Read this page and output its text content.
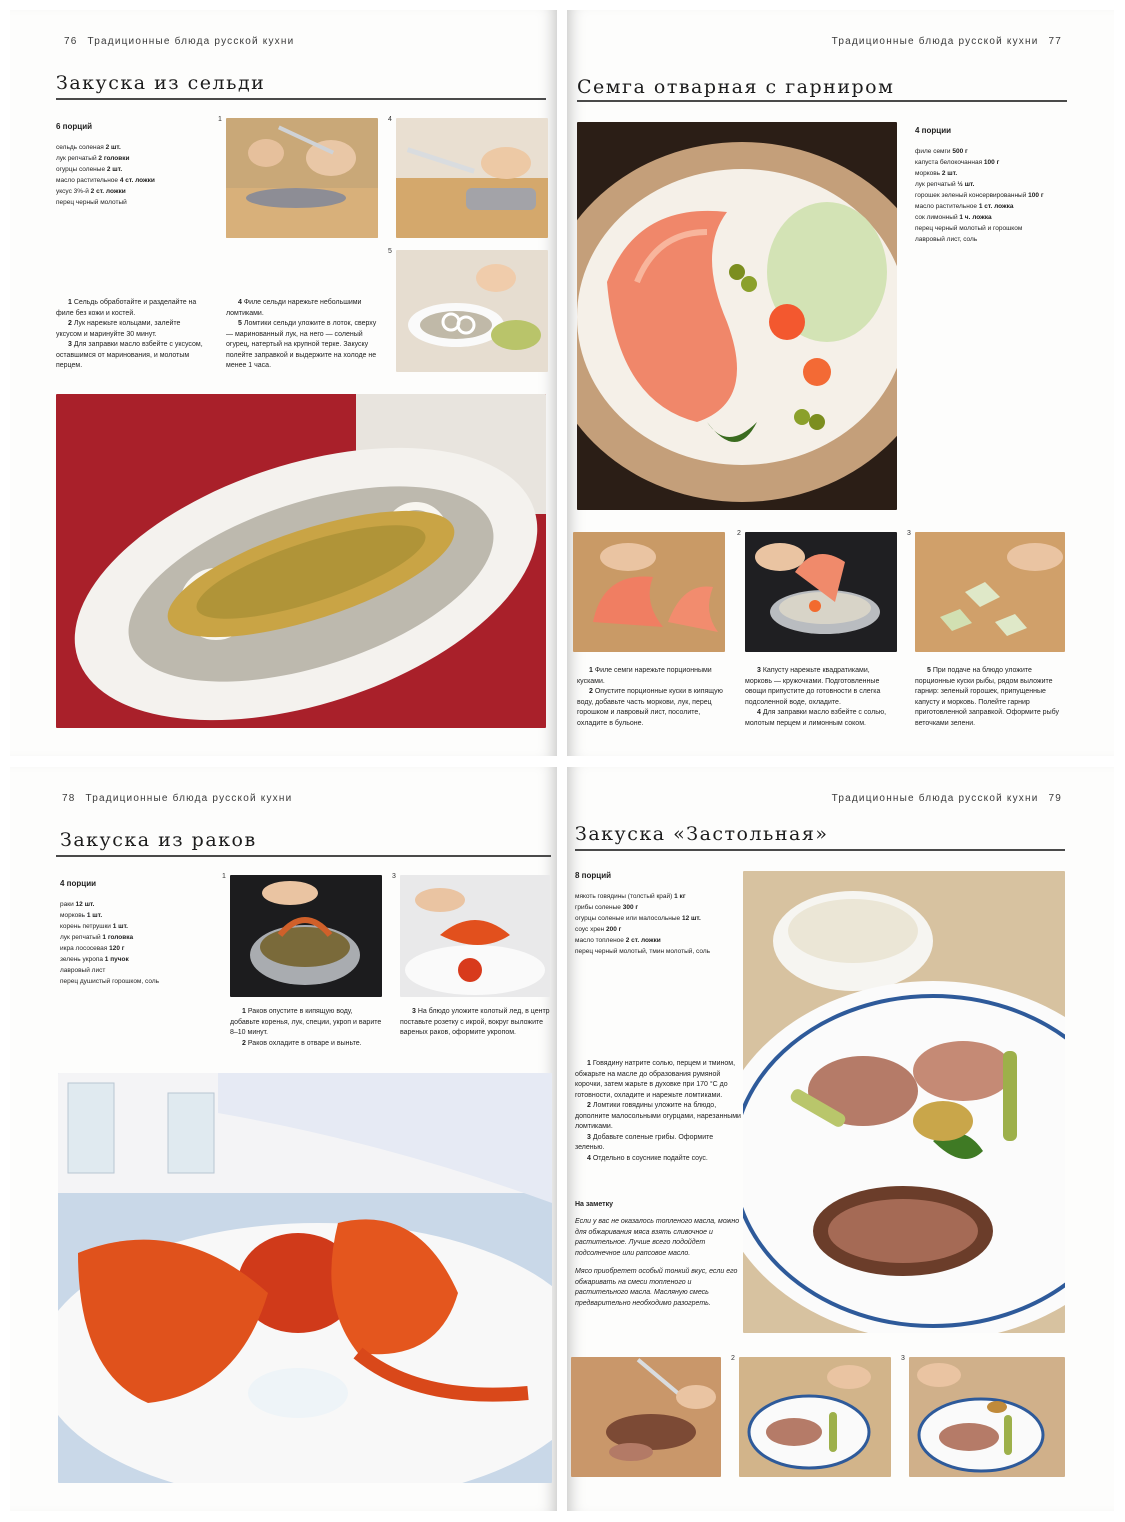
76 Традиционные блюда русской кухни
Закуска из сельди
6 порций
сельдь соленая 2 шт.
лук репчатый 2 головки
огурцы соленые 2 шт.
масло растительное 4 ст. ложки
уксус 3%-й 2 ст. ложки
перец черный молотый
1	4
5

1 Сельдь обработайте и разделайте на филе без кожи и костей.

2 Лук нарежьте кольцами, залейте уксусом и маринуйте 30 минут.

3 Для заправки масло взбейте с уксусом, оставшимся от маринования, и молотым перцем.

4 Филе сельди нарежьте небольшими ломтиками.

5 Ломтики сельди уложите в лоток, сверху — маринованный лук, на него — соленый огурец, натертый на крупной терке. Закуску полейте заправкой и выдержите на холоде не менее 1 часа.

Традиционные блюда русской кухни 77
Семга отварная с гарниром
4 порции
филе семги 500 г
капуста белокочанная 100 г
морковь 2 шт.
лук репчатый ½ шт.
горошек зеленый консервированный 100 г
масло растительное 1 ст. ложка
сок лимонный 1 ч. ложка
перец черный молотый и горошком
лавровый лист, соль
2	3

1 Филе семги нарежьте порционными кусками.

2 Опустите порционные куски в кипящую воду, добавьте часть моркови, лук, перец горошком и лавровый лист, посолите, охладите в бульоне.

3 Капусту нарежьте квадратиками, морковь — кружочками. Подготовленные овощи припустите до готовности в слегка подсоленной воде, охладите.

4 Для заправки масло взбейте с солью, молотым перцем и лимонным соком.

5 При подаче на блюдо уложите порционные куски рыбы, рядом выложите гарнир: зеленый горошек, припущенные капусту и морковь. Полейте гарнир приготовленной заправкой. Оформите рыбу веточками зелени.

78 Традиционные блюда русской кухни
Закуска из раков
4 порции
раки 12 шт.
морковь 1 шт.
корень петрушки 1 шт.
лук репчатый 1 головка
икра лососевая 120 г
зелень укропа 1 пучок
лавровый лист
перец душистый горошком, соль
1	3

1 Раков опустите в кипящую воду, добавьте коренья, лук, специи, укроп и варите 8–10 минут.

2 Раков охладите в отваре и выньте.

3 На блюдо уложите колотый лед, в центр поставьте розетку с икрой, вокруг выложите вареных раков, оформите укропом.

Традиционные блюда русской кухни 79
Закуска «Застольная»
8 порций
мякоть говядины (толстый край) 1 кг
грибы соленые 300 г
огурцы соленые или малосольные 12 шт.
соус хрен 200 г
масло топленое 2 ст. ложки
перец черный молотый, тмин молотый, соль

1 Говядину натрите солью, перцем и тмином, обжарьте на масле до образования румяной корочки, затем жарьте в духовке при 170 °С до готовности, охладите и нарежьте ломтиками.

2 Ломтики говядины уложите на блюдо, дополните малосольными огурцами, нарезанными ломтиками.

3 Добавьте соленые грибы. Оформите зеленью.

4 Отдельно в соуснике подайте соус.

На заметку

Если у вас не оказалось топленого масла, можно для обжаривания мяса взять сливочное и растительное. Лучше всего подойдет подсолнечное или рапсовое масло.

Мясо приобретет особый тонкий вкус, если его обжаривать на смеси топленого и растительного масла. Масляную смесь предварительно необходимо разогреть.

2	3
